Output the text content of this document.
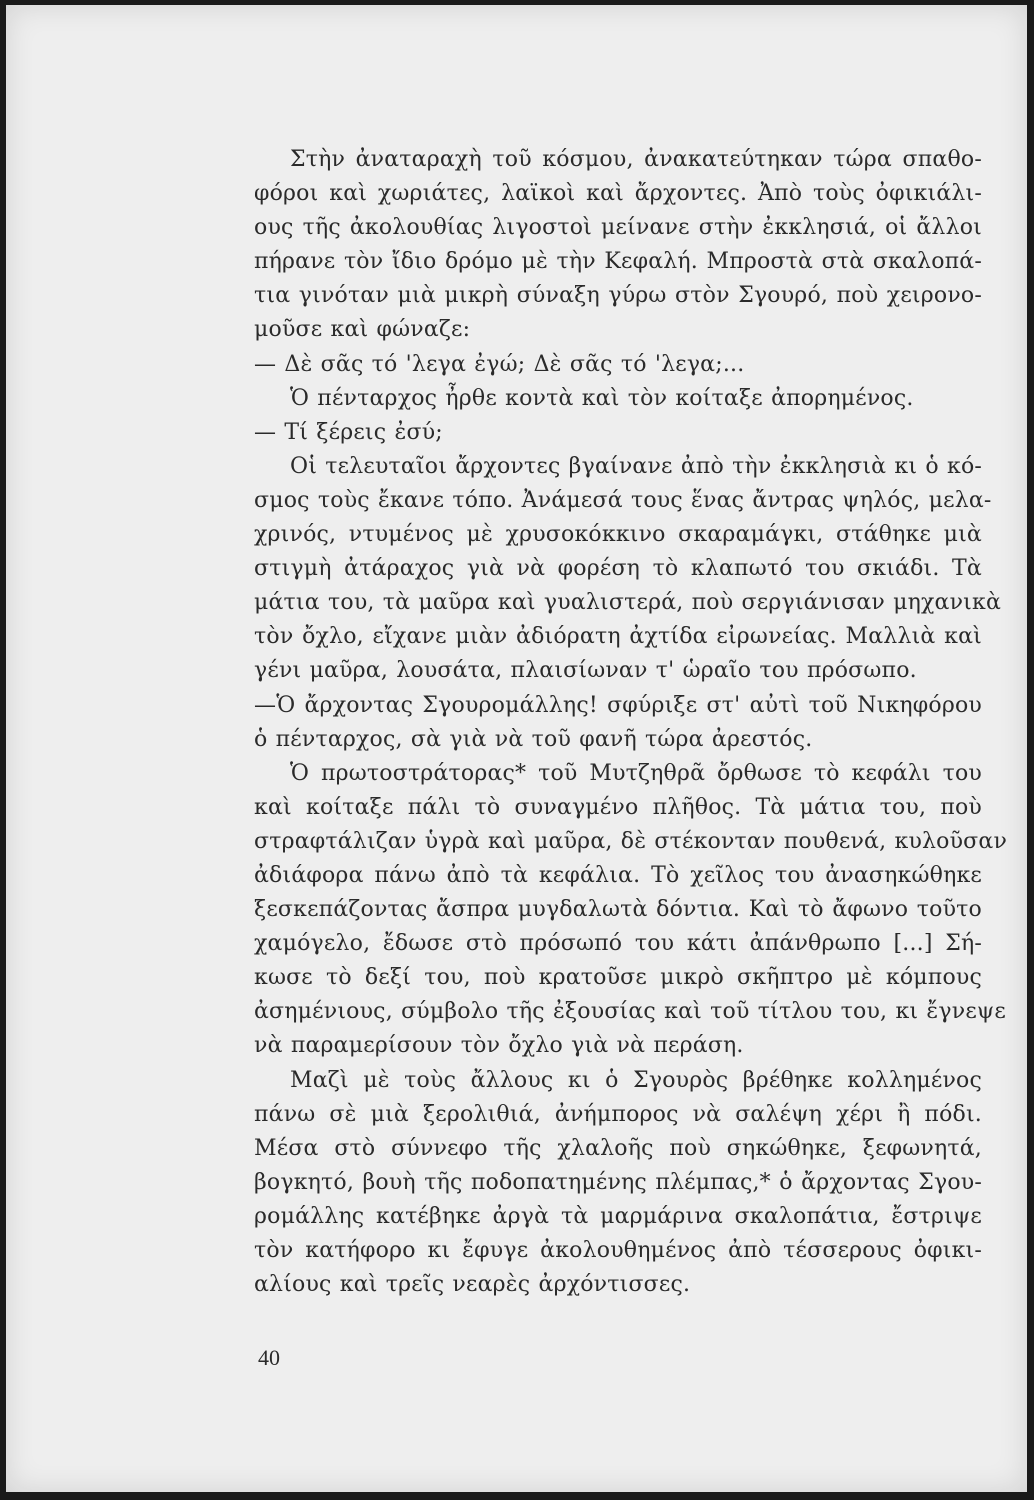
Στὴν ἀναταραχὴ τοῦ κόσμου, ἀνακατεύτηκαν τώρα σπαθο-
φόροι καὶ χωριάτες, λαϊκοὶ καὶ ἄρχοντες. Ἀπὸ τοὺς ὀφικιάλι-
ους τῆς ἀκολουθίας λιγοστοὶ μείνανε στὴν ἐκκλησιά, οἱ ἄλλοι
πήρανε τὸν ἴδιο δρόμο μὲ τὴν Κεφαλή. Μπροστὰ στὰ σκαλοπά-
τια γινόταν μιὰ μικρὴ σύναξη γύρω στὸν Σγουρό, ποὺ χειρονο-
μοῦσε καὶ φώναζε:
— Δὲ σᾶς τό 'λεγα ἐγώ; Δὲ σᾶς τό 'λεγα;...
Ὁ πένταρχος ἦρθε κοντὰ καὶ τὸν κοίταξε ἀπορημένος.
— Τί ξέρεις ἐσύ;
Οἱ τελευταῖοι ἄρχοντες βγαίνανε ἀπὸ τὴν ἐκκλησιὰ κι ὁ κό-
σμος τοὺς ἔκανε τόπο. Ἀνάμεσά τους ἕνας ἄντρας ψηλός, μελα-
χρινός, ντυμένος μὲ χρυσοκόκκινο σκαραμάγκι, στάθηκε μιὰ
στιγμὴ ἀτάραχος γιὰ νὰ φορέση τὸ κλαπωτό του σκιάδι. Τὰ
μάτια του, τὰ μαῦρα καὶ γυαλιστερά, ποὺ σεργιάνισαν μηχανικὰ
τὸν ὄχλο, εἴχανε μιὰν ἀδιόρατη ἀχτίδα εἰρωνείας. Μαλλιὰ καὶ
γένι μαῦρα, λουσάτα, πλαισίωναν τ' ὡραῖο του πρόσωπο.
—Ὁ ἄρχοντας Σγουρομάλλης! σφύριξε στ' αὐτὶ τοῦ Νικηφόρου
ὁ πένταρχος, σὰ γιὰ νὰ τοῦ φανῆ τώρα ἀρεστός.
Ὁ πρωτοστράτορας* τοῦ Μυτζηθρᾶ ὄρθωσε τὸ κεφάλι του
καὶ κοίταξε πάλι τὸ συναγμένο πλῆθος. Τὰ μάτια του, ποὺ
στραφτάλιζαν ὑγρὰ καὶ μαῦρα, δὲ στέκονταν πουθενά, κυλοῦσαν
ἀδιάφορα πάνω ἀπὸ τὰ κεφάλια. Τὸ χεῖλος του ἀνασηκώθηκε
ξεσκεπάζοντας ἄσπρα μυγδαλωτὰ δόντια. Καὶ τὸ ἄφωνο τοῦτο
χαμόγελο, ἔδωσε στὸ πρόσωπό του κάτι ἀπάνθρωπο [...] Σή-
κωσε τὸ δεξί του, ποὺ κρατοῦσε μικρὸ σκῆπτρο μὲ κόμπους
ἀσημένιους, σύμβολο τῆς ἐξουσίας καὶ τοῦ τίτλου του, κι ἔγνεψε
νὰ παραμερίσουν τὸν ὄχλο γιὰ νὰ περάση.
Μαζὶ μὲ τοὺς ἄλλους κι ὁ Σγουρὸς βρέθηκε κολλημένος
πάνω σὲ μιὰ ξερολιθιά, ἀνήμπορος νὰ σαλέψη χέρι ἢ πόδι.
Μέσα στὸ σύννεφο τῆς χλαλοῆς ποὺ σηκώθηκε, ξεφωνητά,
βογκητό, βουὴ τῆς ποδοπατημένης πλέμπας,* ὁ ἄρχοντας Σγου-
ρομάλλης κατέβηκε ἀργὰ τὰ μαρμάρινα σκαλοπάτια, ἔστριψε
τὸν κατήφορο κι ἔφυγε ἀκολουθημένος ἀπὸ τέσσερους ὀφικι-
αλίους καὶ τρεῖς νεαρὲς ἀρχόντισσες.
40
